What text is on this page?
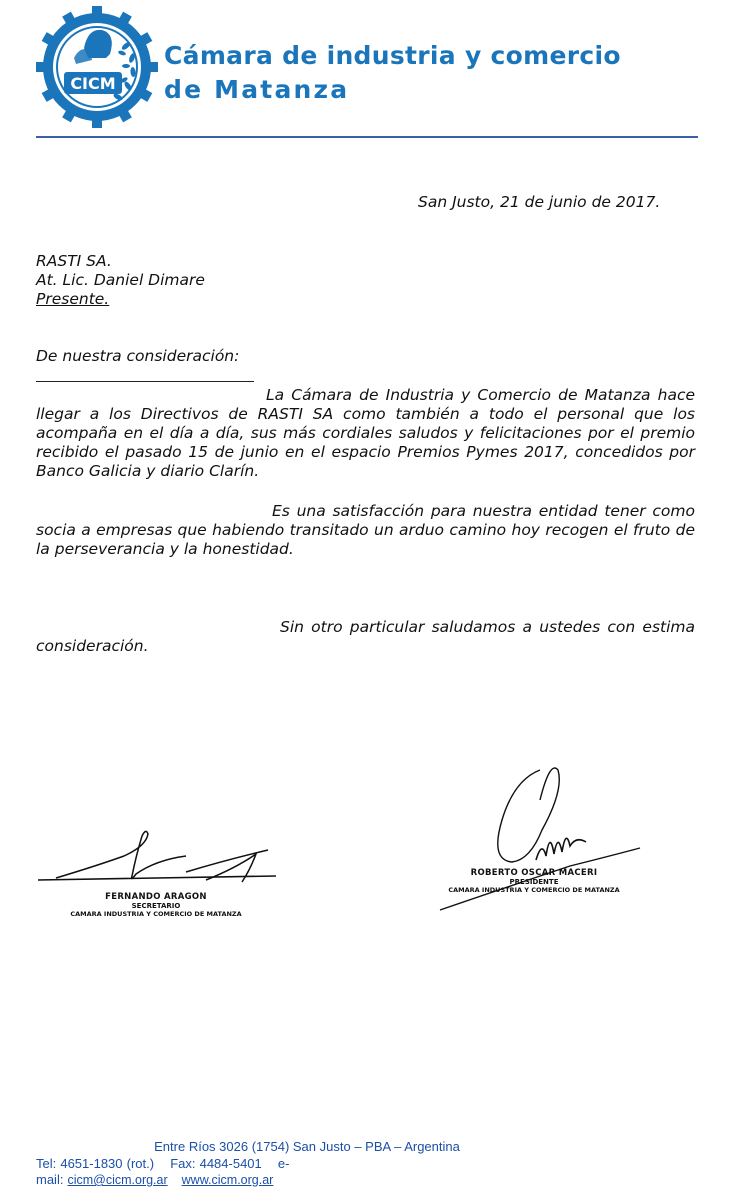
CICM
Cámara de industria y comercio
de Matanza
San Justo, 21 de junio de 2017.
RASTI SA.
At. Lic. Daniel Dimare
Presente.
De nuestra consideración:
La Cámara de Industria y Comercio de Matanza hace llegar a los Directivos de RASTI SA como también a todo el personal que los acompaña en el día a día, sus más cordiales saludos y felicitaciones por el premio recibido el pasado 15 de junio en el espacio Premios Pymes 2017, concedidos por Banco Galicia y diario Clarín.
Es una satisfacción para nuestra entidad tener como socia a empresas que habiendo transitado un arduo camino hoy recogen el fruto de la perseverancia y la honestidad.
Sin otro particular saludamos a ustedes con estima consideración.
FERNANDO ARAGON
SECRETARIO
CAMARA INDUSTRIA Y COMERCIO DE MATANZA
ROBERTO OSCAR MACERI
PRESIDENTE
CAMARA INDUSTRIA Y COMERCIO DE MATANZA
Entre Ríos 3026 (1754) San Justo – PBA – Argentina
Tel: 4651-1830 (rot.) Fax: 4484-5401 e-mail: cicm@cicm.org.ar www.cicm.org.ar
